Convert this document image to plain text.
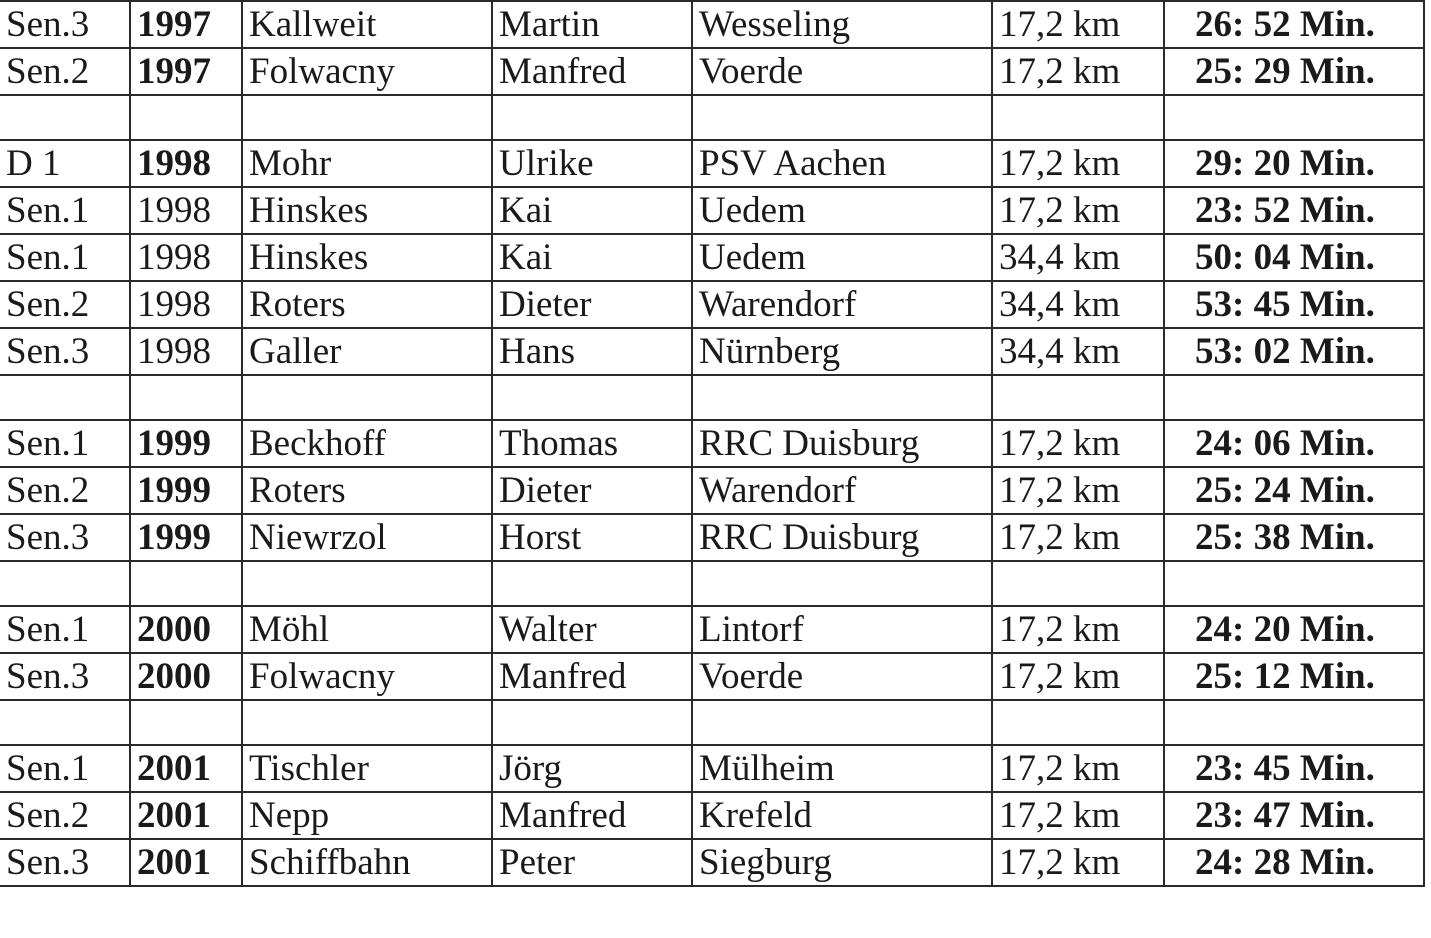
Sen.3	1997	Kallweit	Martin	Wesseling	17,2 km	26: 52 Min.
Sen.2	1997	Folwacny	Manfred	Voerde	17,2 km	25: 29 Min.

D 1	1998	Mohr	Ulrike	PSV Aachen	17,2 km	29: 20 Min.
Sen.1	1998	Hinskes	Kai	Uedem	17,2 km	23: 52 Min.
Sen.1	1998	Hinskes	Kai	Uedem	34,4 km	50: 04 Min.
Sen.2	1998	Roters	Dieter	Warendorf	34,4 km	53: 45 Min.
Sen.3	1998	Galler	Hans	Nürnberg	34,4 km	53: 02 Min.

Sen.1	1999	Beckhoff	Thomas	RRC Duisburg	17,2 km	24: 06 Min.
Sen.2	1999	Roters	Dieter	Warendorf	17,2 km	25: 24 Min.
Sen.3	1999	Niewrzol	Horst	RRC Duisburg	17,2 km	25: 38 Min.

Sen.1	2000	Möhl	Walter	Lintorf	17,2 km	24: 20 Min.
Sen.3	2000	Folwacny	Manfred	Voerde	17,2 km	25: 12 Min.

Sen.1	2001	Tischler	Jörg	Mülheim	17,2 km	23: 45 Min.
Sen.2	2001	Nepp	Manfred	Krefeld	17,2 km	23: 47 Min.
Sen.3	2001	Schiffbahn	Peter	Siegburg	17,2 km	24: 28 Min.
